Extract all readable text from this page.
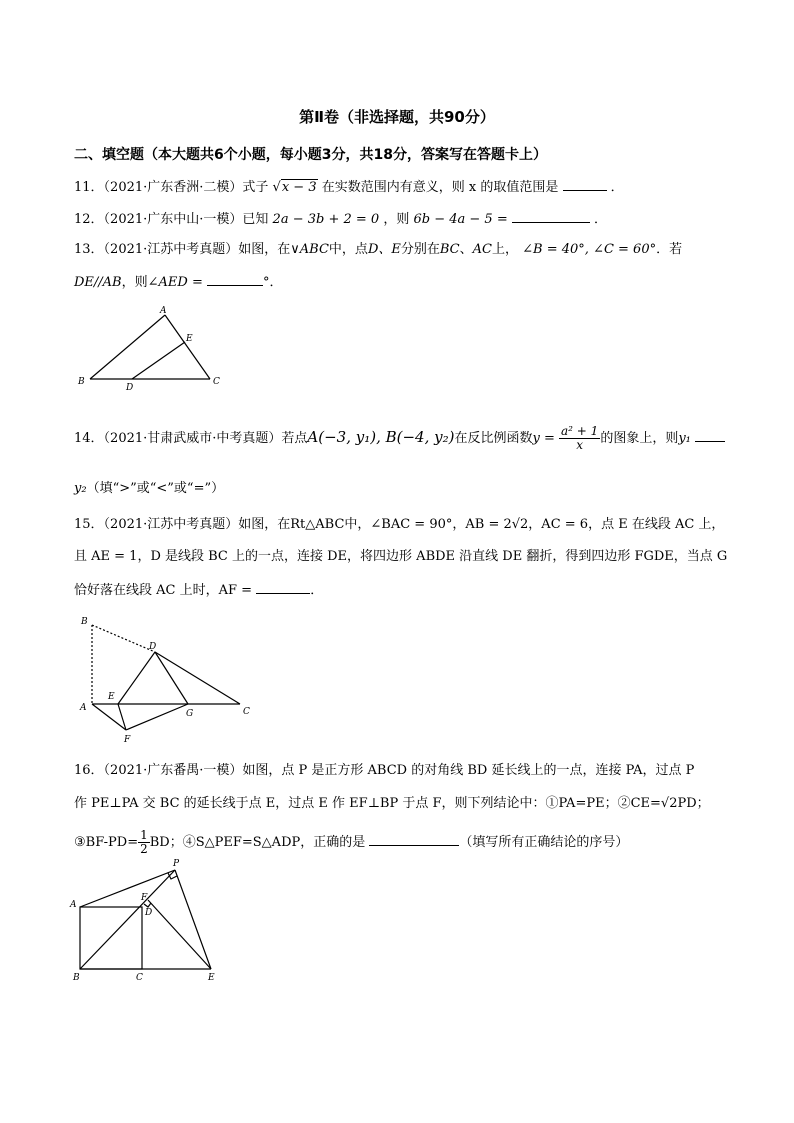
第Ⅱ卷（非选择题，共90分）
二、填空题（本大题共6个小题，每小题3分，共18分，答案写在答题卡上）
11．（2021·广东香洲·二模）式子 √x − 3 在实数范围内有意义，则 x 的取值范围是	．
12．（2021·广东中山·一模）已知 2a − 3b + 2 = 0 ，则 6b − 4a − 5 =	．
13．（2021·江苏中考真题）如图，在∨ABC中，点D、E分别在BC、AC上， ∠B = 40°, ∠C = 60°．若
DE//AB，则∠AED =	°．
A
B	C
D
E
14．（2021·甘肃武威市·中考真题）若点A(−3, y₁), B(−4, y₂)在反比例函数$y = \frac{\text{a² + 1}}{x}$ 的图象上，则y₁
y₂（填“>”或“<”或“=”）
15．（2021·江苏中考真题）如图，在Rt△ABC中，∠BAC = 90°，AB = 2√2，AC = 6，点 E 在线段 AC 上，
且 AE = 1，D 是线段 BC 上的一点，连接 DE，将四边形 ABDE 沿直线 DE 翻折，得到四边形 FGDE，当点 G
恰好落在线段 AC 上时，AF =	．
B
D
E
A
G	C
F
16．（2021·广东番禺·一模）如图，点 P 是正方形 ABCD 的对角线 BD 延长线上的一点，连接 PA，过点 P
作 PE⊥PA 交 BC 的延长线于点 E，过点 E 作 EF⊥BP 于点 F，则下列结论中：①PA=PE；②CE=√2PD；
③BF-PD= $\frac{1}{2}$ BD；④S△PEF=S△ADP，正确的是	（填写所有正确结论的序号）
P
F
D
A
B	C	E
